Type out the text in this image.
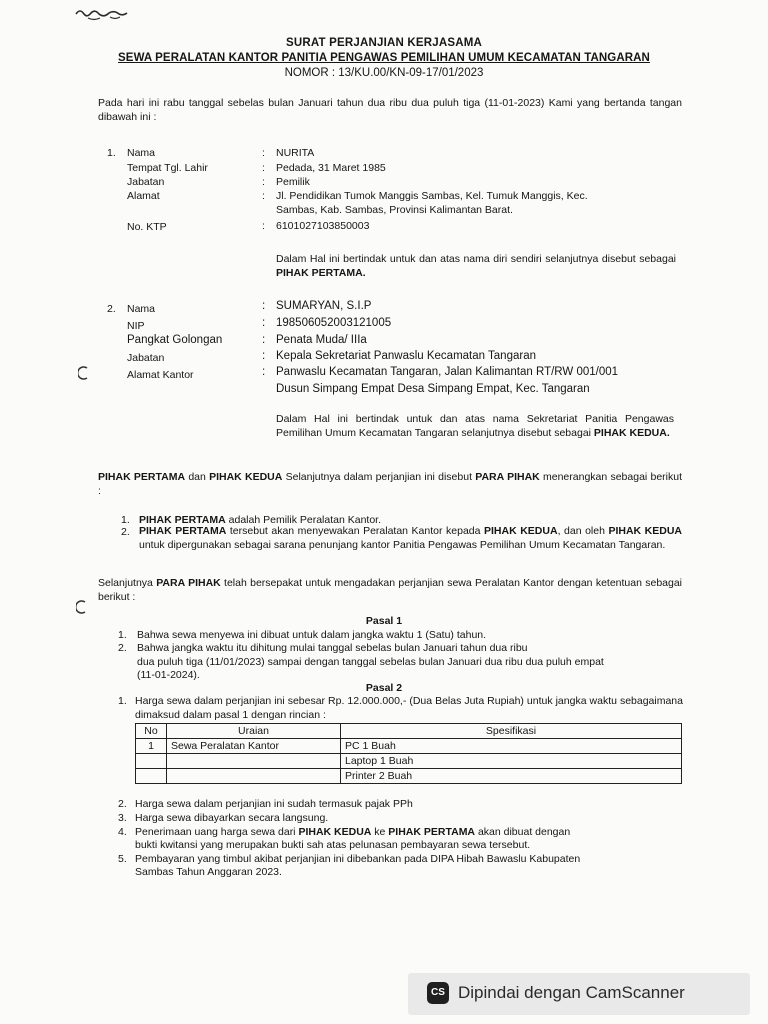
SURAT PERJANJIAN KERJASAMA
SEWA PERALATAN KANTOR PANITIA PENGAWAS PEMILIHAN UMUM KECAMATAN TANGARAN
NOMOR : 13/KU.00/KN-09-17/01/2023

Pada hari ini rabu tanggal sebelas bulan Januari tahun dua ribu dua puluh tiga (11-01-2023) Kami yang bertanda tangan dibawah ini :

1. Nama	: NURITA
Tempat Tgl. Lahir	: Pedada, 31 Maret 1985
Jabatan	: Pemilik
Alamat	: Jl. Pendidikan Tumok Manggis Sambas, Kel. Tumuk Manggis, Kec.
Sambas, Kab. Sambas, Provinsi Kalimantan Barat.
No. KTP	: 6101027103850003

Dalam Hal ini bertindak untuk dan atas nama diri sendiri selanjutnya disebut sebagai PIHAK PERTAMA.

2. Nama	: SUMARYAN, S.I.P
NIP	: 198506052003121005
Pangkat Golongan	: Penata Muda/ IIIa
Jabatan	: Kepala Sekretariat Panwaslu Kecamatan Tangaran
Alamat Kantor	: Panwaslu Kecamatan Tangaran, Jalan Kalimantan RT/RW 001/001
Dusun Simpang Empat Desa Simpang Empat, Kec. Tangaran

Dalam Hal ini bertindak untuk dan atas nama Sekretariat Panitia Pengawas Pemilihan Umum Kecamatan Tangaran selanjutnya disebut sebagai PIHAK KEDUA.

PIHAK PERTAMA dan PIHAK KEDUA Selanjutnya dalam perjanjian ini disebut PARA PIHAK menerangkan sebagai berikut :

1. PIHAK PERTAMA adalah Pemilik Peralatan Kantor.

2. PIHAK PERTAMA tersebut akan menyewakan Peralatan Kantor kepada PIHAK KEDUA, dan oleh PIHAK KEDUA untuk dipergunakan sebagai sarana penunjang kantor Panitia Pengawas Pemilihan Umum Kecamatan Tangaran.

Selanjutnya PARA PIHAK telah bersepakat untuk mengadakan perjanjian sewa Peralatan Kantor dengan ketentuan sebagai berikut :

Pasal 1
1. Bahwa sewa menyewa ini dibuat untuk dalam jangka waktu 1 (Satu) tahun.
2. Bahwa jangka waktu itu dihitung mulai tanggal sebelas bulan Januari tahun dua ribu
dua puluh tiga (11/01/2023) sampai dengan tanggal sebelas bulan Januari dua ribu dua puluh empat
(11-01-2024).
Pasal 2
1. Harga sewa dalam perjanjian ini sebesar Rp. 12.000.000,- (Dua Belas Juta Rupiah) untuk jangka waktu sebagaimana dimaksud dalam pasal 1 dengan rincian :

No	Uraian	Spesifikasi
1	Sewa Peralatan Kantor	PC 1 Buah
		Laptop 1 Buah
		Printer 2 Buah
2. Harga sewa dalam perjanjian ini sudah termasuk pajak PPh
3. Harga sewa dibayarkan secara langsung.
4. Penerimaan uang harga sewa dari PIHAK KEDUA ke PIHAK PERTAMA akan dibuat dengan
bukti kwitansi yang merupakan bukti sah atas pelunasan pembayaran sewa tersebut.
5. Pembayaran yang timbul akibat perjanjian ini dibebankan pada DIPA Hibah Bawaslu Kabupaten
Sambas Tahun Anggaran 2023.
CS Dipindai dengan CamScanner
